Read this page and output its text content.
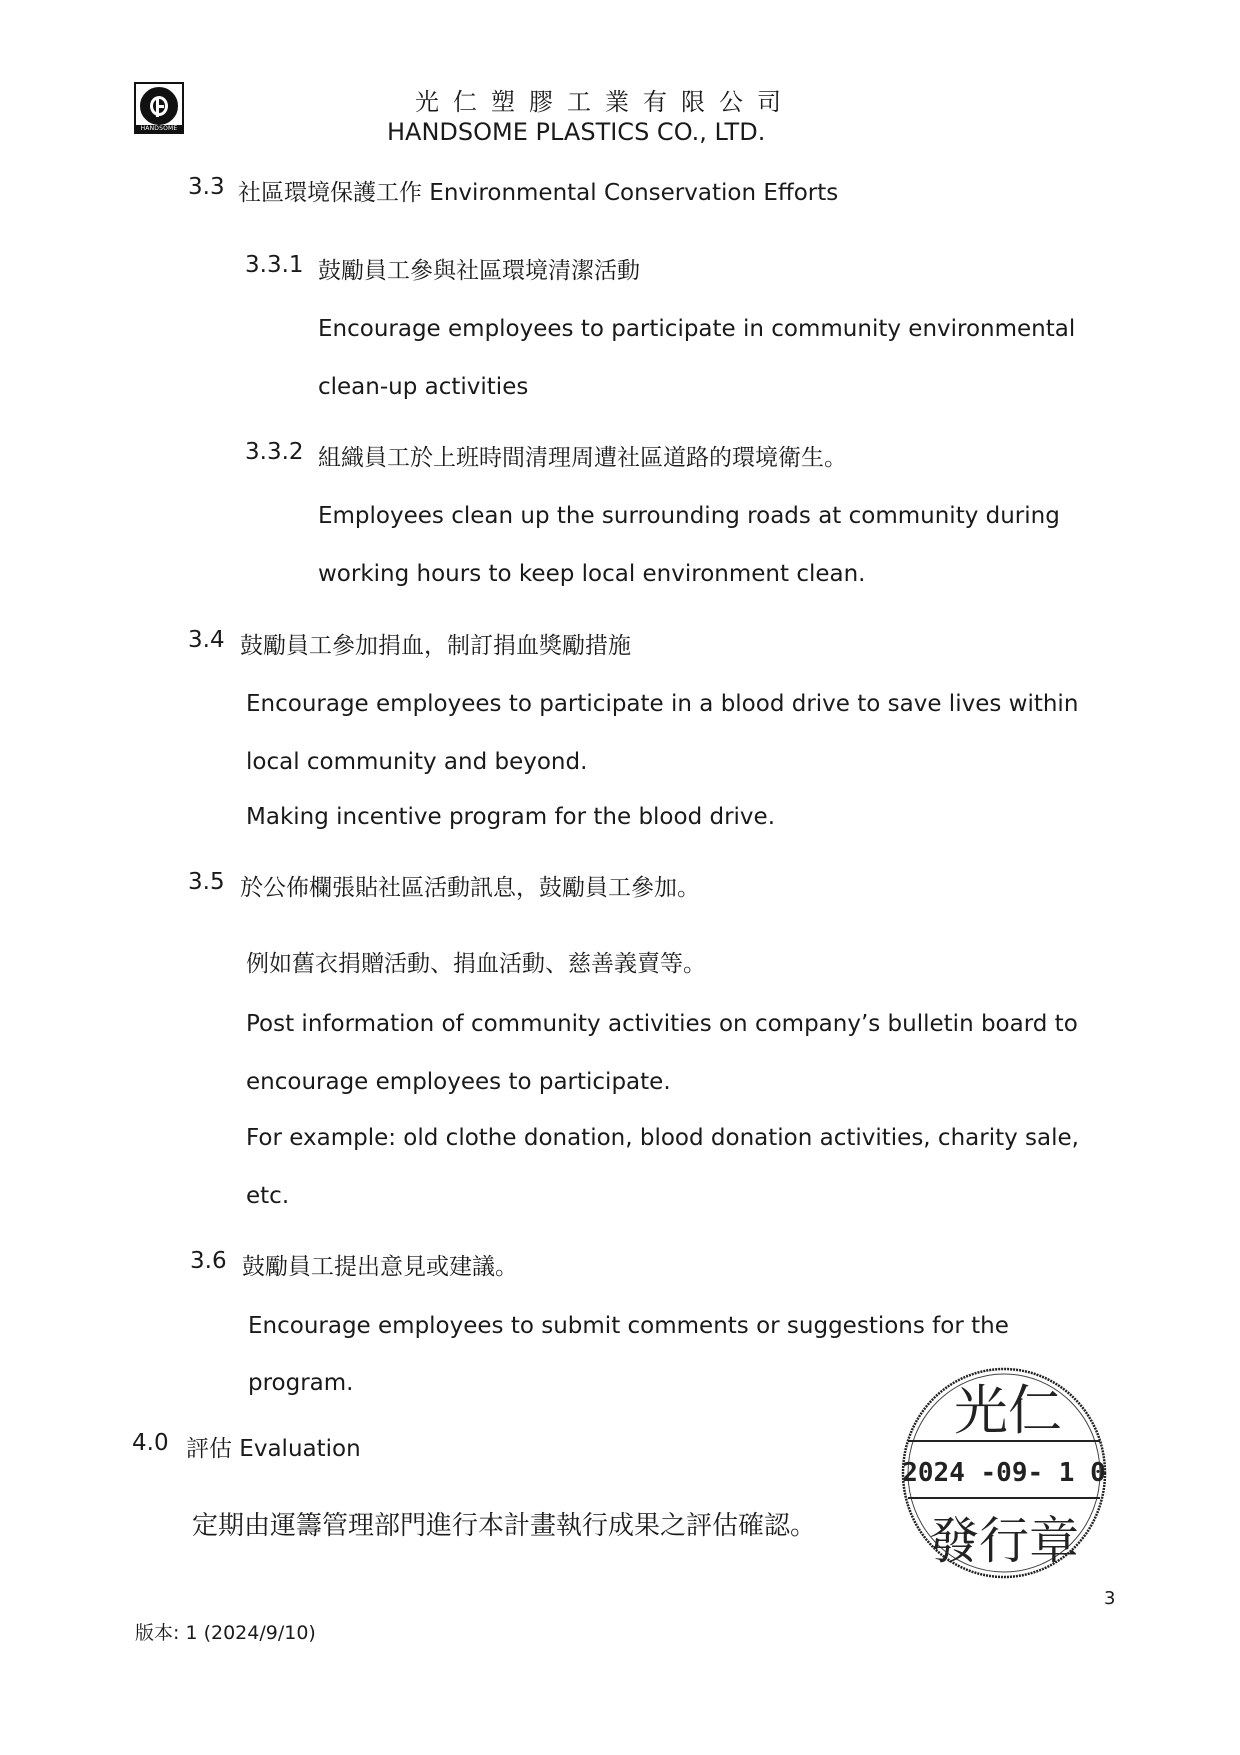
HANDSOME
光仁塑膠工業有限公司
HANDSOME PLASTICS CO., LTD.
3.3 社區環境保護工作 Environmental Conservation Efforts
3.3.1 鼓勵員工參與社區環境清潔活動
Encourage employees to participate in community environmental
clean-up activities
3.3.2 組織員工於上班時間清理周遭社區道路的環境衛生。
Employees clean up the surrounding roads at community during
working hours to keep local environment clean.
3.4 鼓勵員工參加捐血，制訂捐血獎勵措施
Encourage employees to participate in a blood drive to save lives within
local community and beyond.
Making incentive program for the blood drive.
3.5 於公佈欄張貼社區活動訊息，鼓勵員工參加。
例如舊衣捐贈活動、捐血活動、慈善義賣等。
Post information of community activities on company’s bulletin board to
encourage employees to participate.
For example: old clothe donation, blood donation activities, charity sale,
etc.
3.6 鼓勵員工提出意見或建議。
Encourage employees to submit comments or suggestions for the
program.
4.0 評估 Evaluation
定期由運籌管理部門進行本計畫執行成果之評估確認。
光仁
2024 -09- 1 0
發行章
3
版本: 1 (2024/9/10)
